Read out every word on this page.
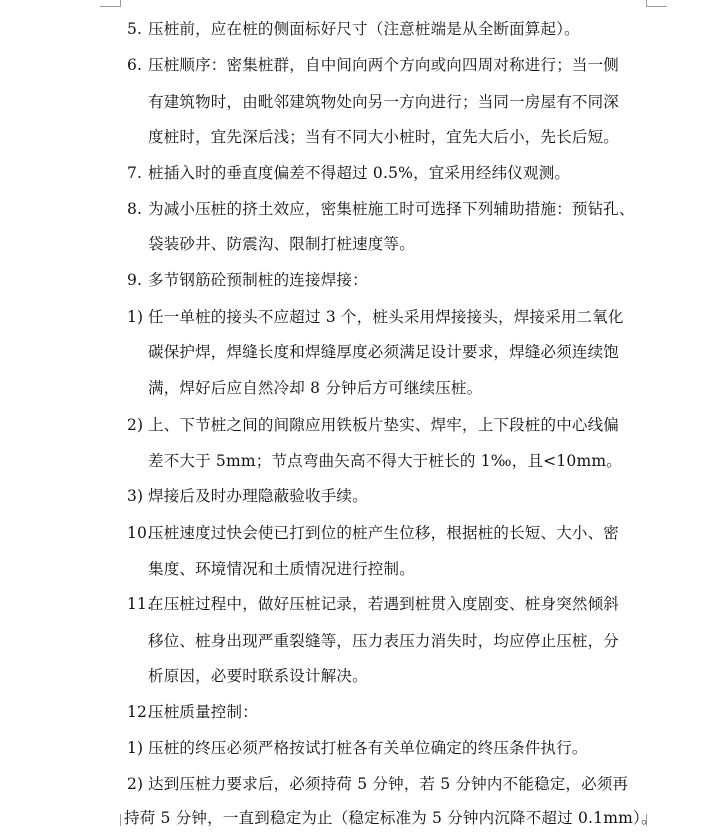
5. 压桩前，应在桩的侧面标好尺寸（注意桩端是从全断面算起）。
6. 压桩顺序：密集桩群，自中间向两个方向或向四周对称进行；当一侧
有建筑物时，由毗邻建筑物处向另一方向进行；当同一房屋有不同深
度桩时，宜先深后浅；当有不同大小桩时，宜先大后小，先长后短。
7. 桩插入时的垂直度偏差不得超过 0.5%，宜采用经纬仪观测。
8. 为减小压桩的挤土效应，密集桩施工时可选择下列辅助措施：预钻孔、
袋装砂井、防震沟、限制打桩速度等。
9. 多节钢筋砼预制桩的连接焊接：
1) 任一单桩的接头不应超过 3 个，桩头采用焊接接头，焊接采用二氧化
碳保护焊，焊缝长度和焊缝厚度必须满足设计要求，焊缝必须连续饱
满，焊好后应自然冷却 8 分钟后方可继续压桩。
2) 上、下节桩之间的间隙应用铁板片垫实、焊牢，上下段桩的中心线偏
差不大于 5mm；节点弯曲矢高不得大于桩长的 1‰，且<10mm。
3) 焊接后及时办理隐蔽验收手续。
10.
压桩速度过快会使已打到位的桩产生位移，根据桩的长短、大小、密
集度、环境情况和土质情况进行控制。
11.
在压桩过程中，做好压桩记录，若遇到桩贯入度剧变、桩身突然倾斜
移位、桩身出现严重裂缝等，压力表压力消失时，均应停止压桩，分
析原因，必要时联系设计解决。
12.
压桩质量控制：
1) 压桩的终压必须严格按试打桩各有关单位确定的终压条件执行。
2) 达到压桩力要求后，必须持荷 5 分钟，若 5 分钟内不能稳定，必须再
持荷 5 分钟，一直到稳定为止（稳定标准为 5 分钟内沉降不超过 0.1mm）。
